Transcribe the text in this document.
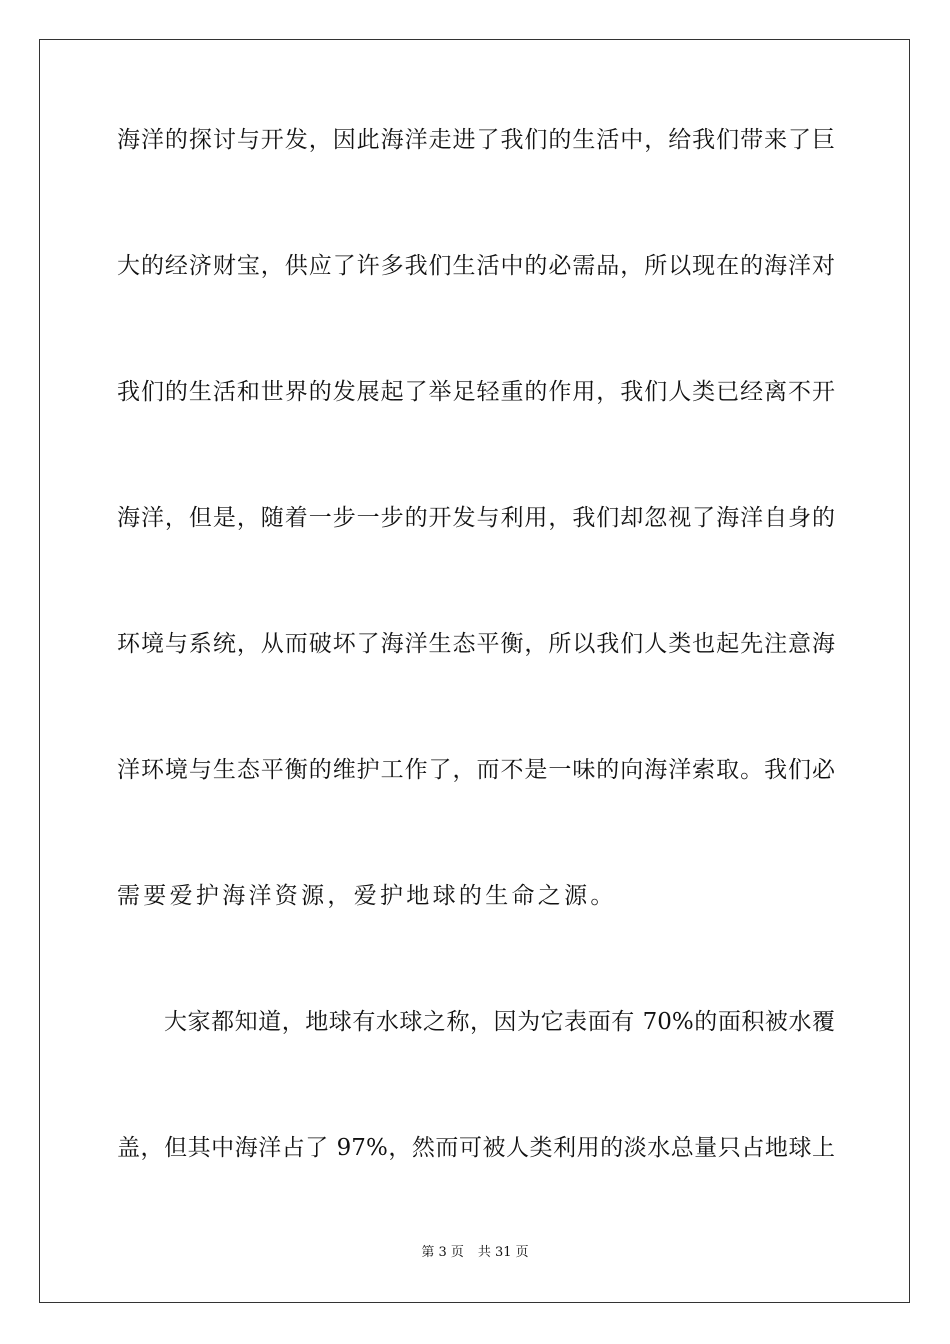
海洋的探讨与开发，因此海洋走进了我们的生活中，给我们带来了巨
大的经济财宝，供应了许多我们生活中的必需品，所以现在的海洋对
我们的生活和世界的发展起了举足轻重的作用，我们人类已经离不开
海洋，但是，随着一步一步的开发与利用，我们却忽视了海洋自身的
环境与系统，从而破坏了海洋生态平衡，所以我们人类也起先注意海
洋环境与生态平衡的维护工作了，而不是一味的向海洋索取。我们必
需要爱护海洋资源，爱护地球的生命之源。
大家都知道，地球有水球之称，因为它表面有 70%的面积被水覆
盖，但其中海洋占了 97%，然而可被人类利用的淡水总量只占地球上
第 3 页 共 31 页
